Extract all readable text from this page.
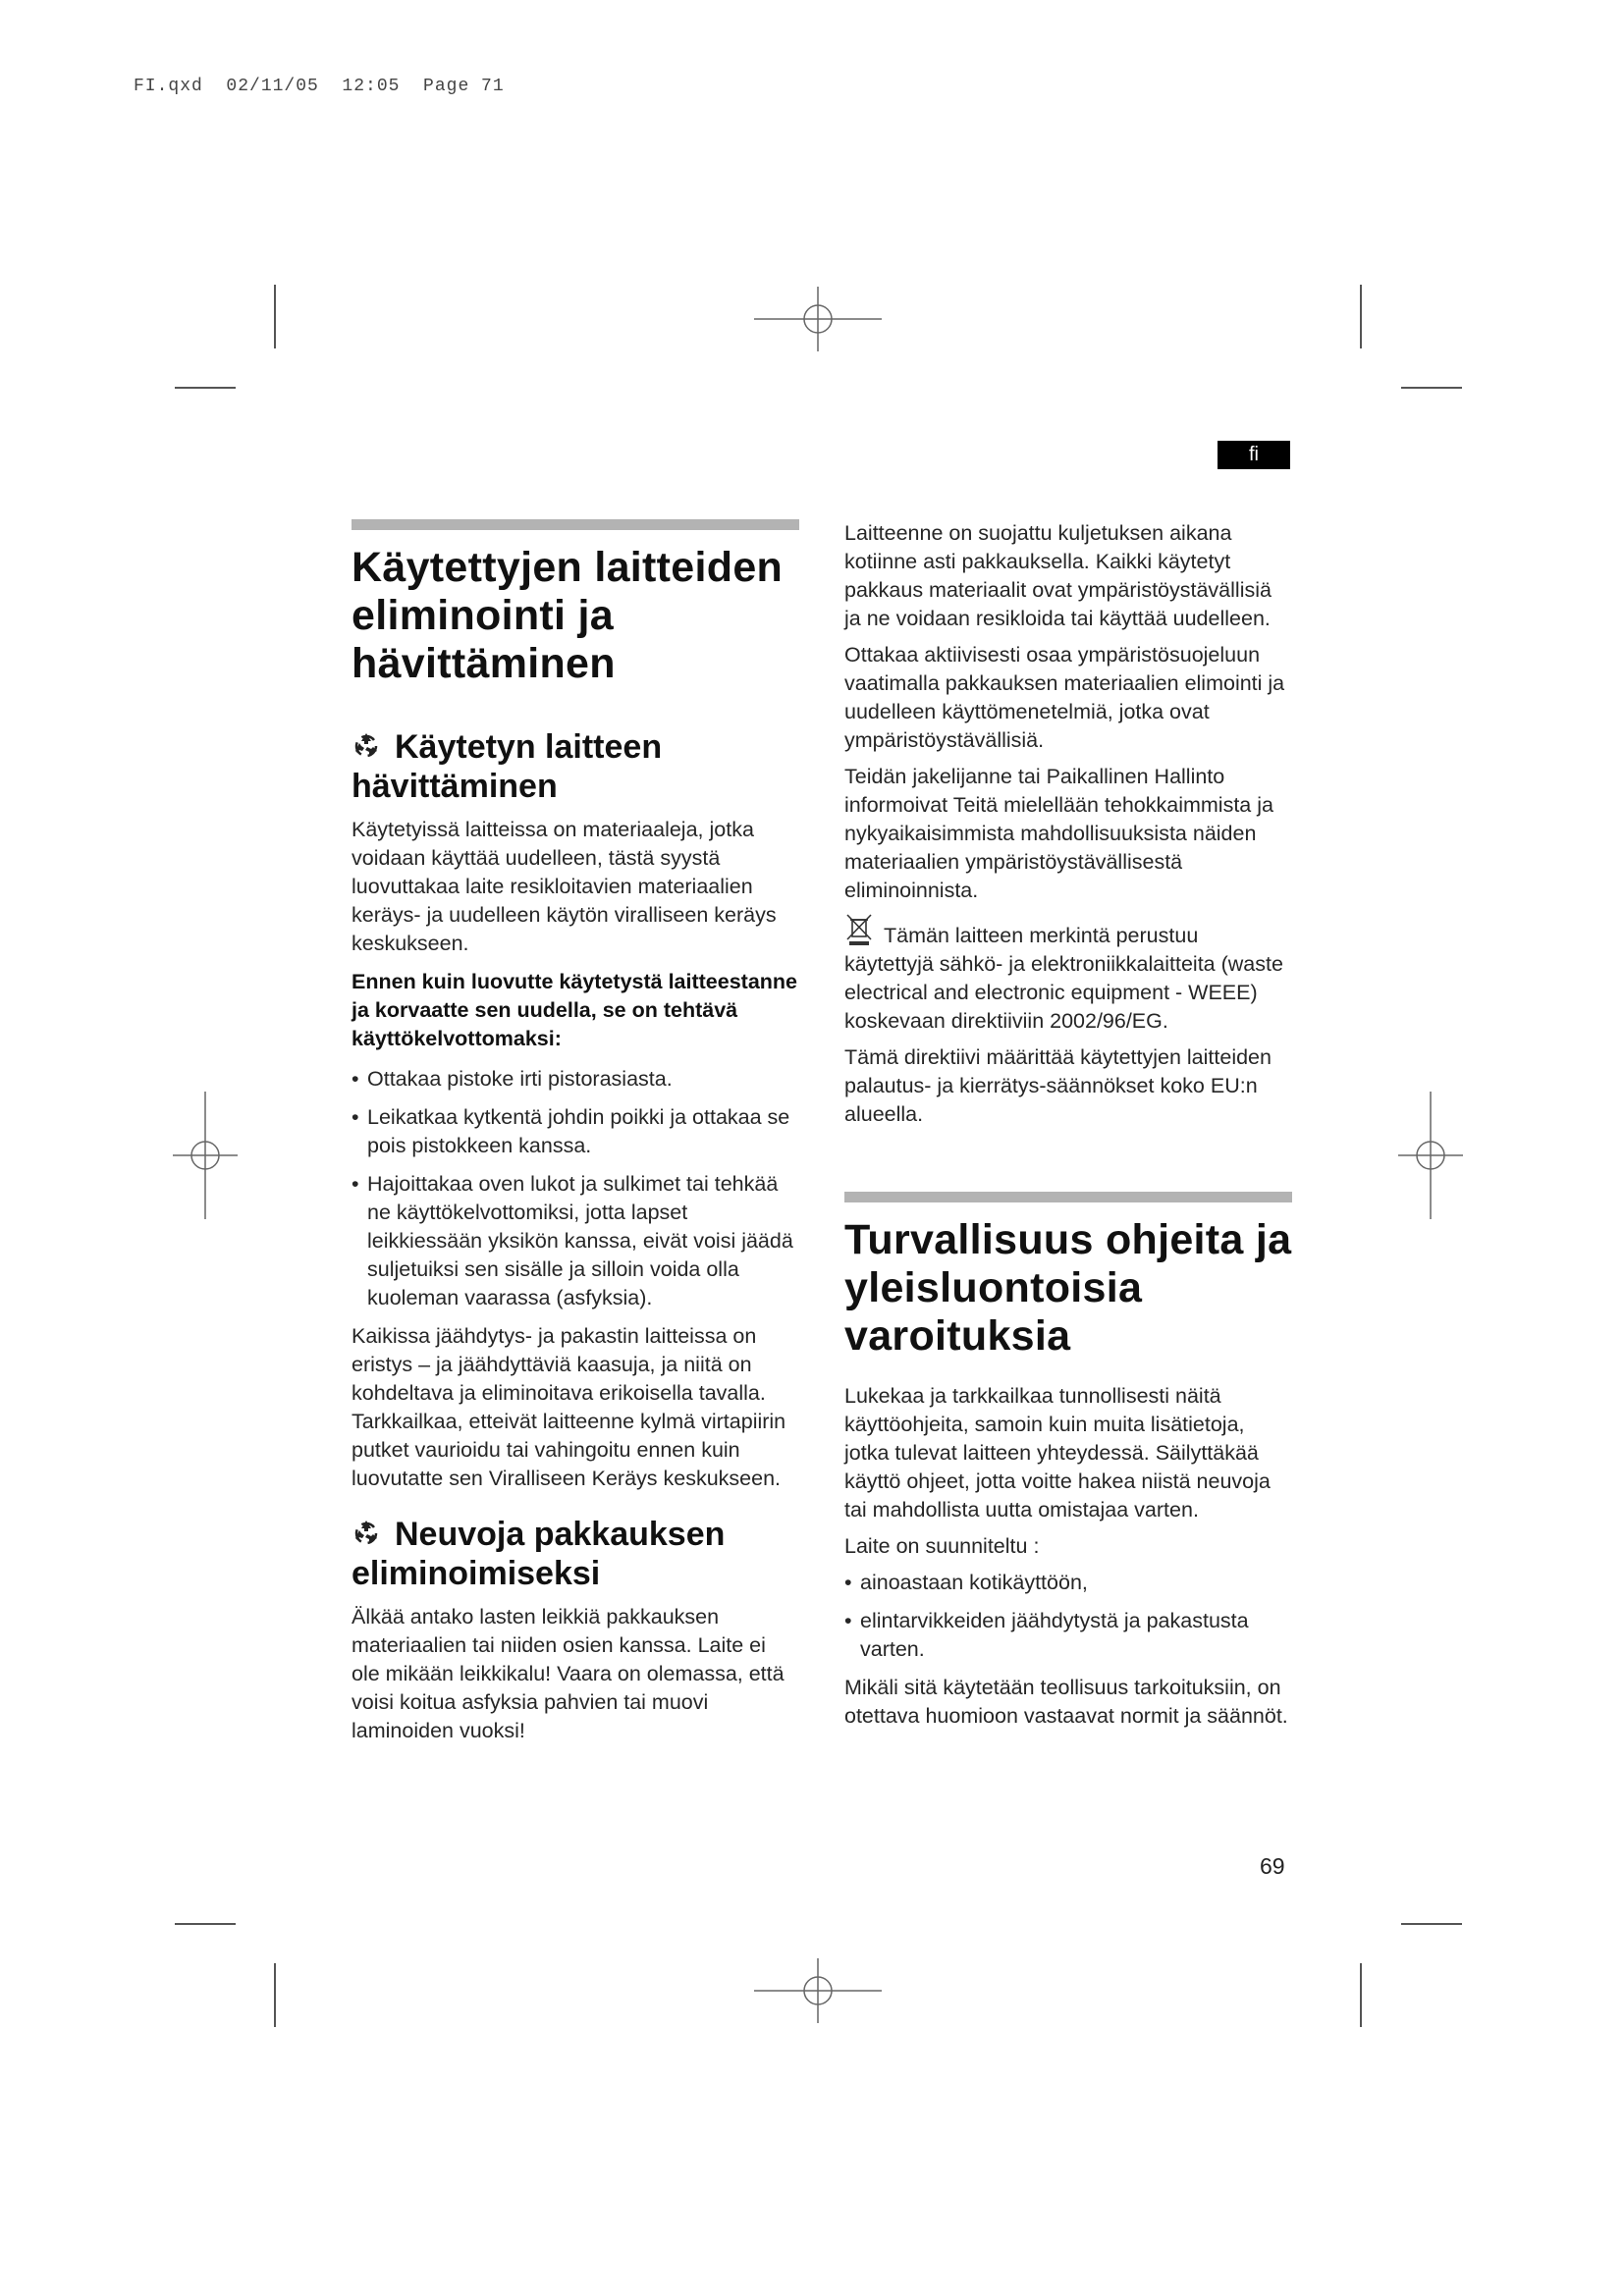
FI.qxd  02/11/05  12:05  Page 71
fi
Käytettyjen laitteiden eliminointi ja hävittäminen
Käytetyn laitteen hävittäminen

Käytetyissä laitteissa on materiaaleja, jotka voidaan käyttää uudelleen, tästä syystä luovuttakaa laite resikloitavien materiaalien keräys- ja uudelleen käytön viralliseen keräys keskukseen.

Ennen kuin luovutte käytetystä laitteestanne ja korvaatte sen uudella, se on tehtävä käyttökelvottomaksi:

• Ottakaa pistoke irti pistorasiasta.
• Leikatkaa kytkentä johdin poikki ja ottakaa se pois pistokkeen kanssa.
• Hajoittakaa oven lukot ja sulkimet tai tehkää ne käyttökelvottomiksi, jotta lapset leikkiessään yksikön kanssa, eivät voisi jäädä suljetuiksi sen sisälle ja silloin voida olla kuoleman vaarassa (asfyksia).

Kaikissa jäähdytys- ja pakastin laitteissa on eristys – ja jäähdyttäviä kaasuja, ja niitä on kohdeltava ja eliminoitava erikoisella tavalla. Tarkkailkaa, etteivät laitteenne kylmä virtapiirin putket vaurioidu tai vahingoitu ennen kuin luovutatte sen Viralliseen Keräys keskukseen.

Neuvoja pakkauksen eliminoimiseksi

Älkää antako lasten leikkiä pakkauksen materiaalien tai niiden osien kanssa. Laite ei ole mikään leikkikalu! Vaara on olemassa, että voisi koitua asfyksia pahvien tai muovi laminoiden vuoksi!

Laitteenne on suojattu kuljetuksen aikana kotiinne asti pakkauksella. Kaikki käytetyt pakkaus materiaalit ovat ympäristöystävällisiä ja ne voidaan resikloida tai käyttää uudelleen.

Ottakaa aktiivisesti osaa ympäristösuojeluun vaatimalla pakkauksen materiaalien elimointi ja uudelleen käyttömenetelmiä, jotka ovat ympäristöystävällisiä.

Teidän jakelijanne tai Paikallinen Hallinto informoivat Teitä mielellään tehokkaimmista ja nykyaikaisimmista mahdollisuuksista näiden materiaalien ympäristöystävällisestä eliminoinnista.

Tämän laitteen merkintä perustuu käytettyjä sähkö- ja elektroniikkalaitteita (waste electrical and electronic equipment - WEEE) koskevaan direktiiviin 2002/96/EG.

Tämä direktiivi määrittää käytettyjen laitteiden palautus- ja kierrätys-säännökset koko EU:n alueella.

Turvallisuus ohjeita ja yleisluontoisia varoituksia

Lukekaa ja tarkkailkaa tunnollisesti näitä käyttöohjeita, samoin kuin muita lisätietoja, jotka tulevat laitteen yhteydessä. Säilyttäkää käyttö ohjeet, jotta voitte hakea niistä neuvoja tai mahdollista uutta omistajaa varten.

Laite on suunniteltu :

• ainoastaan kotikäyttöön,
• elintarvikkeiden jäähdytystä ja pakastusta varten.

Mikäli sitä käytetään teollisuus tarkoituksiin, on otettava huomioon vastaavat normit ja säännöt.

69
